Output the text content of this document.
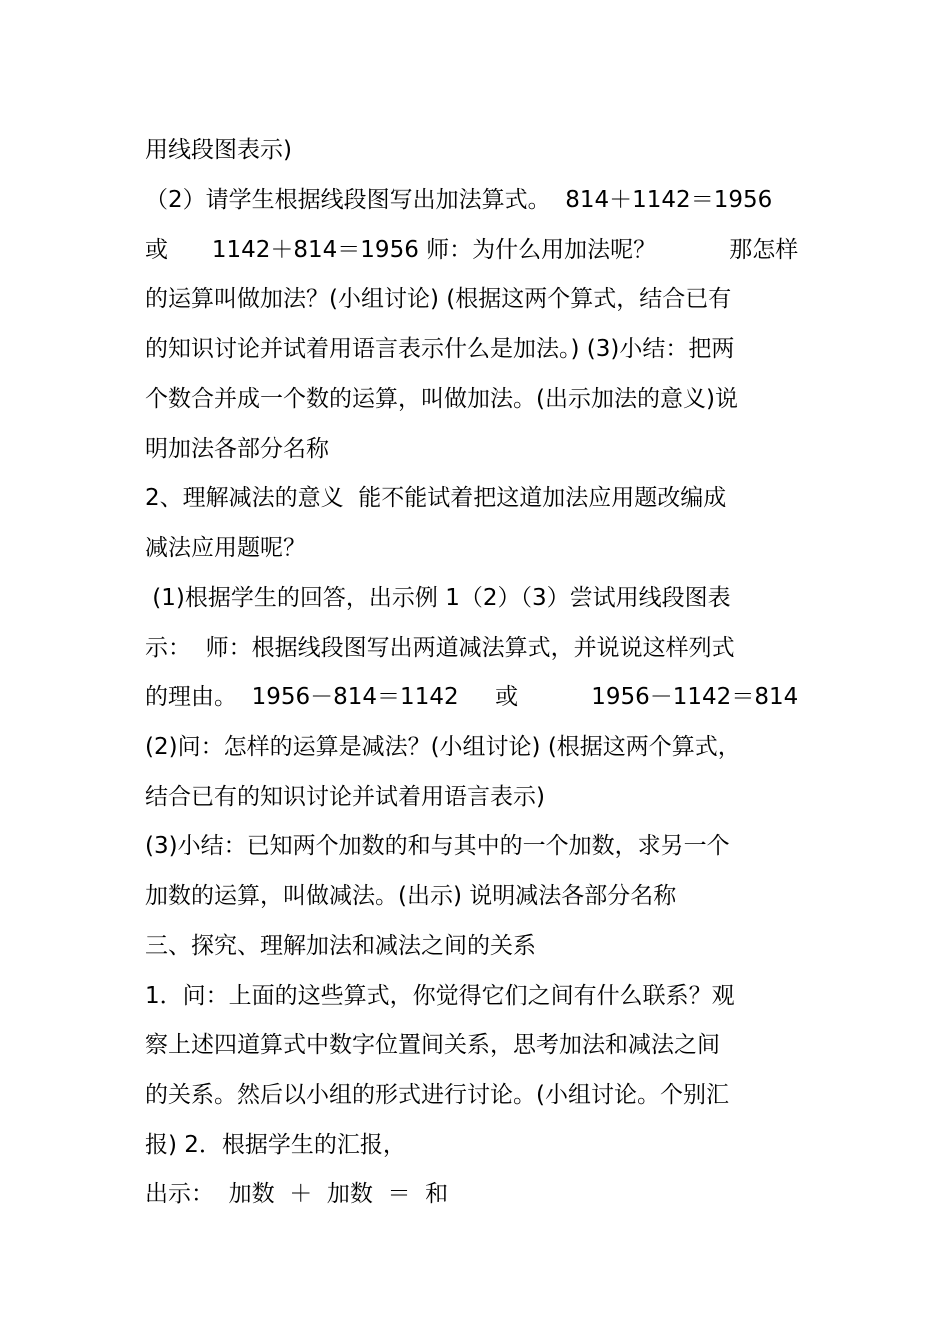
用线段图表示)
（2）请学生根据线段图写出加法算式。  814＋1142＝1956
或      1142＋814＝1956 师：为什么用加法呢？          那怎样
的运算叫做加法？(小组讨论) (根据这两个算式，结合已有
的知识讨论并试着用语言表示什么是加法。) (3)小结：把两
个数合并成一个数的运算，叫做加法。(出示加法的意义)说
明加法各部分名称
2、理解减法的意义  能不能试着把这道加法应用题改编成
减法应用题呢？
(1)根据学生的回答，出示例 1（2）（3）尝试用线段图表
示：  师：根据线段图写出两道减法算式，并说说这样列式
的理由。  1956－814＝1142     或          1956－1142＝814
(2)问：怎样的运算是减法？(小组讨论) (根据这两个算式，
结合已有的知识讨论并试着用语言表示)
(3)小结：已知两个加数的和与其中的一个加数，求另一个
加数的运算，叫做减法。(出示) 说明减法各部分名称
三、探究、理解加法和减法之间的关系
1．问：上面的这些算式，你觉得它们之间有什么联系？观
察上述四道算式中数字位置间关系，思考加法和减法之间
的关系。然后以小组的形式进行讨论。(小组讨论。个别汇
报) 2．根据学生的汇报，
出示：  加数  ＋  加数  ＝  和
